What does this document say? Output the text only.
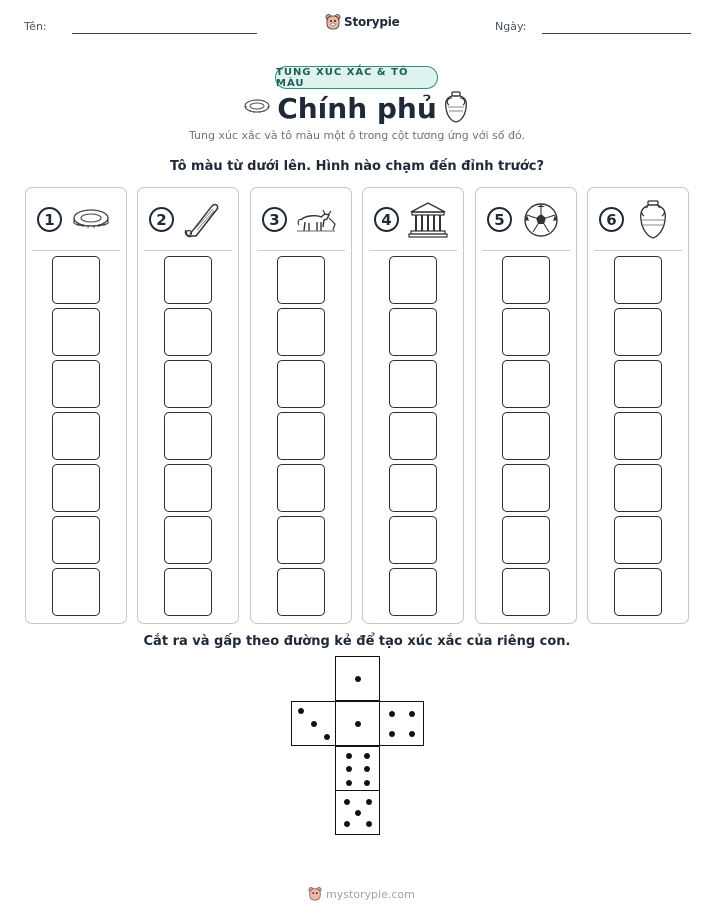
Tên:	Storypie	Ngày:
TUNG XÚC XẮC & TÔ MÀU
Chính phủ
Tung xúc xắc và tô màu một ô trong cột tương ứng với số đó.
Tô màu từ dưới lên. Hình nào chạm đến đỉnh trước?
1	2	3	4	5	6
Cắt ra và gấp theo đường kẻ để tạo xúc xắc của riêng con.
mystorypie.com
